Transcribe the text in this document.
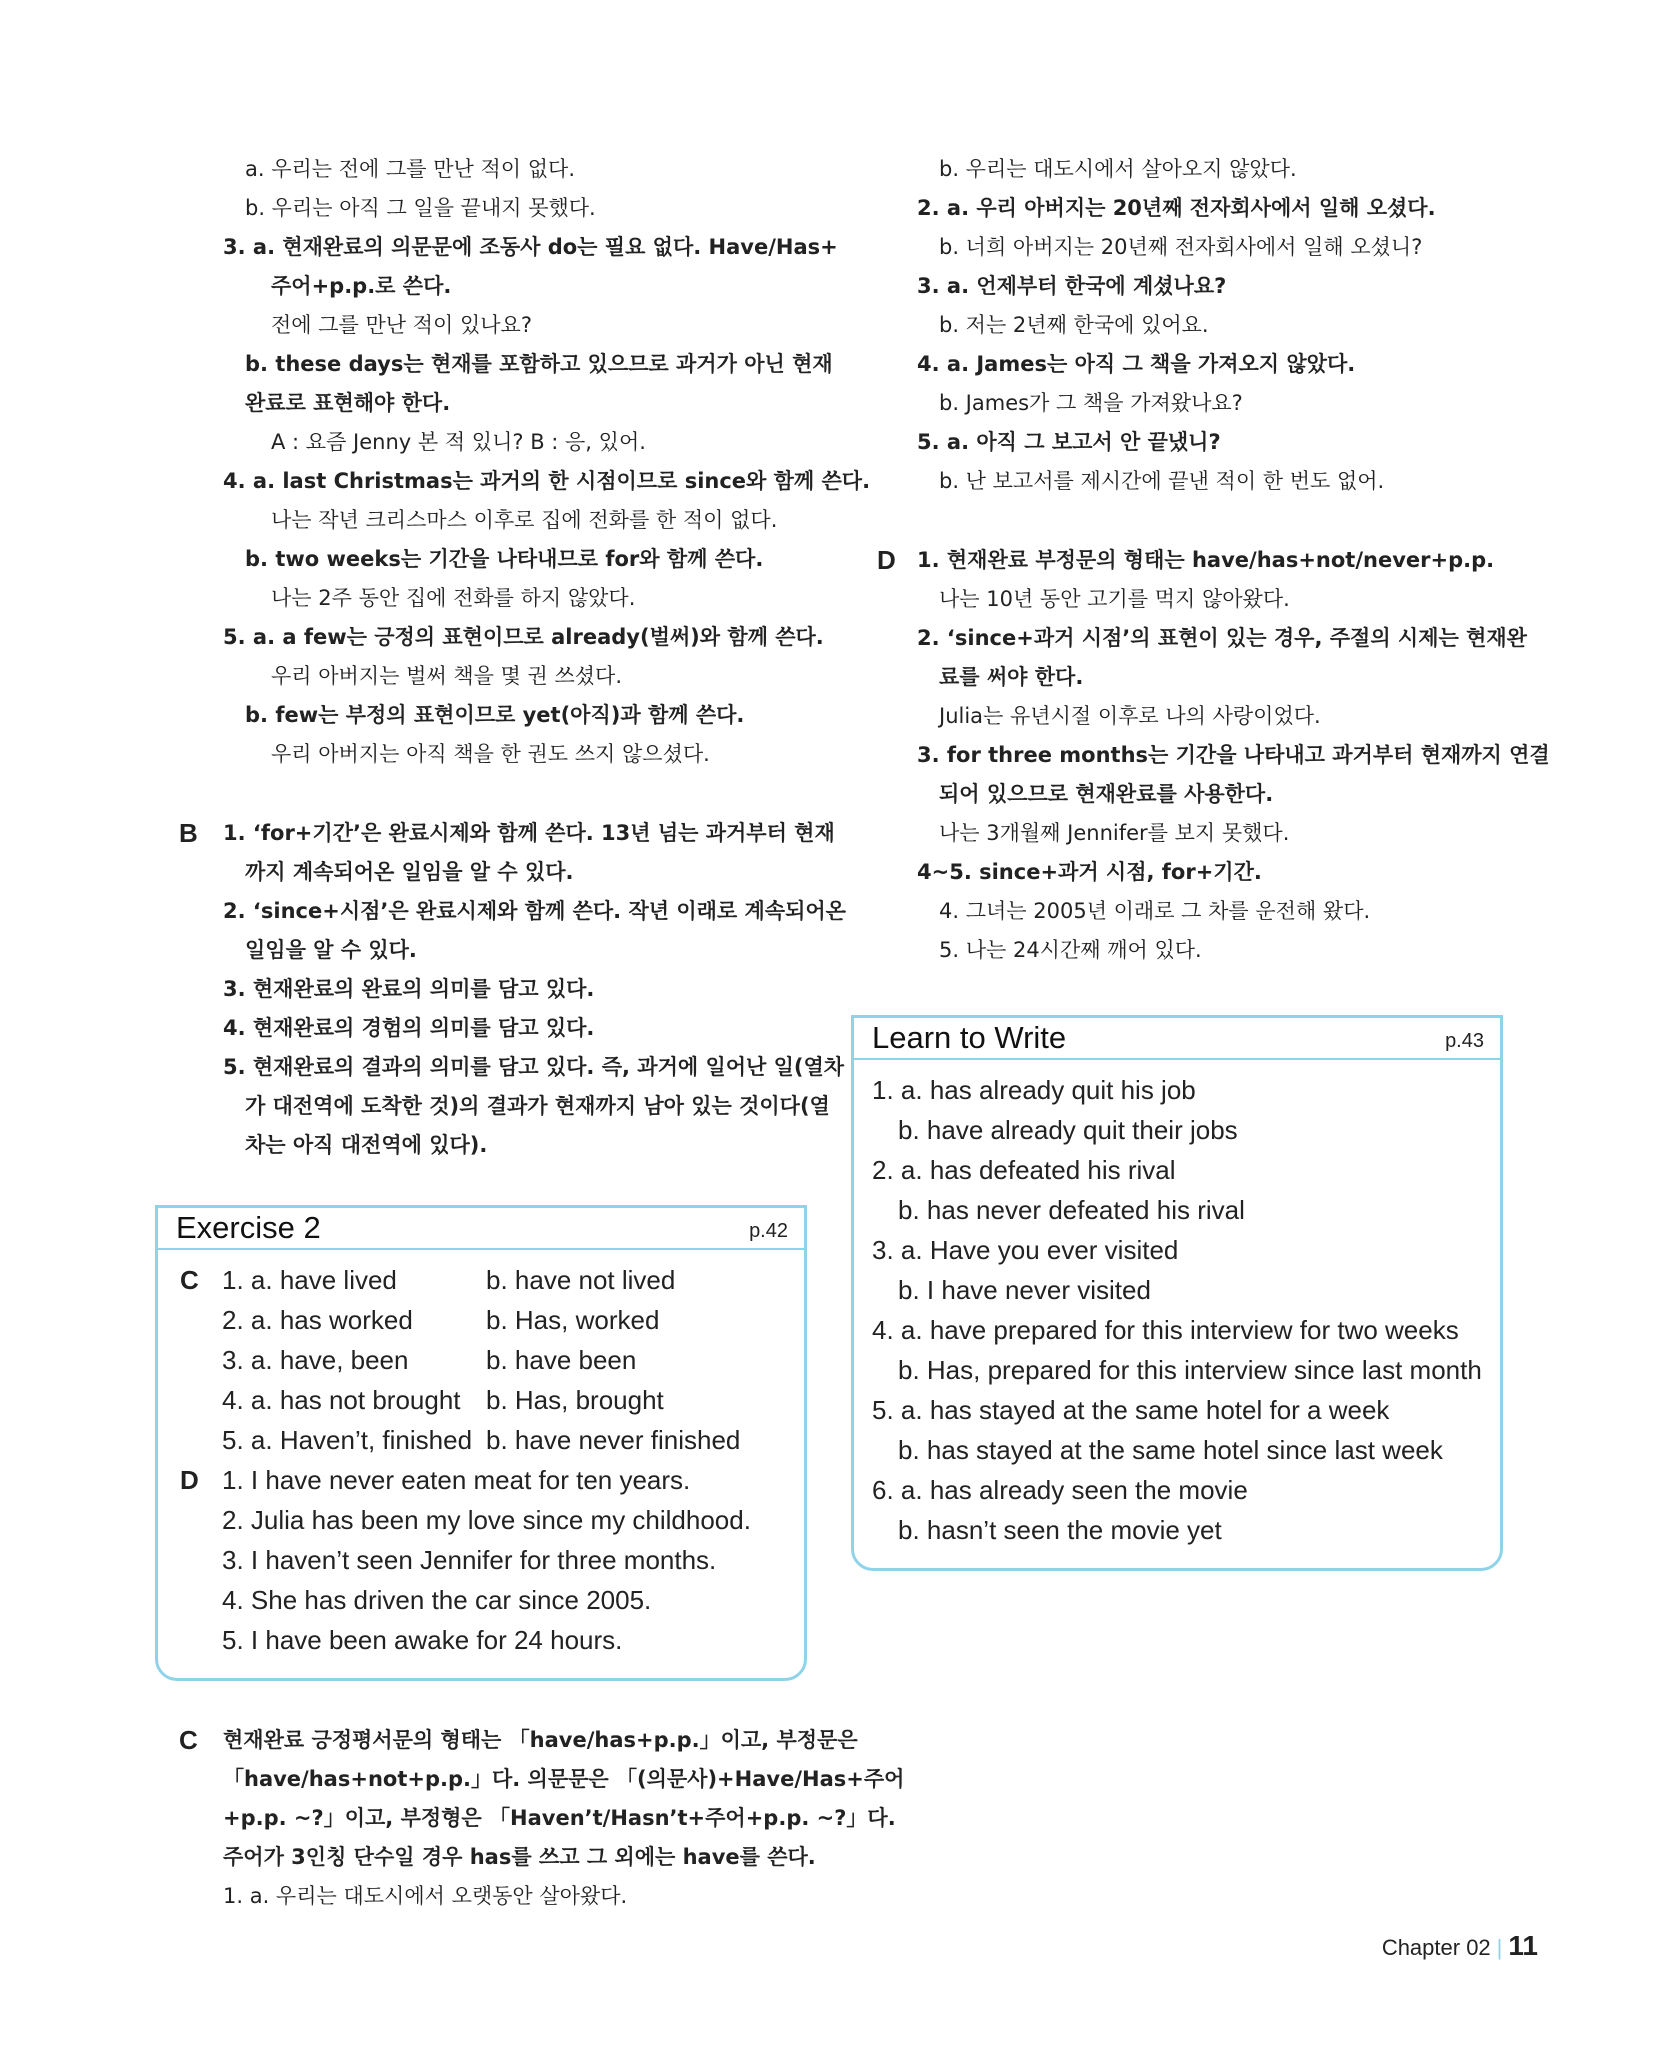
a. 우리는 전에 그를 만난 적이 없다.
b. 우리는 아직 그 일을 끝내지 못했다.
3. a. 현재완료의 의문문에 조동사 do는 필요 없다. Have/Has+
주어+p.p.로 쓴다.
전에 그를 만난 적이 있나요?
b. these days는 현재를 포함하고 있으므로 과거가 아닌 현재
완료로 표현해야 한다.
A : 요즘 Jenny 본 적 있니? B : 응, 있어.
4. a. last Christmas는 과거의 한 시점이므로 since와 함께 쓴다.
나는 작년 크리스마스 이후로 집에 전화를 한 적이 없다.
b. two weeks는 기간을 나타내므로 for와 함께 쓴다.
나는 2주 동안 집에 전화를 하지 않았다.
5. a. a few는 긍정의 표현이므로 already(벌써)와 함께 쓴다.
우리 아버지는 벌써 책을 몇 권 쓰셨다.
b. few는 부정의 표현이므로 yet(아직)과 함께 쓴다.
우리 아버지는 아직 책을 한 권도 쓰지 않으셨다.
B	1. ‘for+기간’은 완료시제와 함께 쓴다. 13년 넘는 과거부터 현재
까지 계속되어온 일임을 알 수 있다.
2. ‘since+시점’은 완료시제와 함께 쓴다. 작년 이래로 계속되어온
일임을 알 수 있다.
3. 현재완료의 완료의 의미를 담고 있다.
4. 현재완료의 경험의 의미를 담고 있다.
5. 현재완료의 결과의 의미를 담고 있다. 즉, 과거에 일어난 일(열차
가 대전역에 도착한 것)의 결과가 현재까지 남아 있는 것이다(열
차는 아직 대전역에 있다).
Exercise 2	p.42
C 1. a. have lived	b. have not lived

2. a. has worked	b. Has, worked

3. a. have, been	b. have been

4. a. has not brought b. Has, brought

5. a. Haven’t, finished b. have never finished

D 1. I have never eaten meat for ten years.
2. Julia has been my love since my childhood.
3. I haven’t seen Jennifer for three months.
4. She has driven the car since 2005.
5. I have been awake for 24 hours.
C	현재완료 긍정평서문의 형태는 「have/has+p.p.」이고, 부정문은
「have/has+not+p.p.」다. 의문문은 「(의문사)+Have/Has+주어
+p.p. ~?」이고, 부정형은 「Haven’t/Hasn’t+주어+p.p. ~?」다.
주어가 3인칭 단수일 경우 has를 쓰고 그 외에는 have를 쓴다.
1. a. 우리는 대도시에서 오랫동안 살아왔다.
b. 우리는 대도시에서 살아오지 않았다.
2. a. 우리 아버지는 20년째 전자회사에서 일해 오셨다.
b. 너희 아버지는 20년째 전자회사에서 일해 오셨니?
3. a. 언제부터 한국에 계셨나요?
b. 저는 2년째 한국에 있어요.
4. a. James는 아직 그 책을 가져오지 않았다.
b. James가 그 책을 가져왔나요?
5. a. 아직 그 보고서 안 끝냈니?
b. 난 보고서를 제시간에 끝낸 적이 한 번도 없어.
D 1. 현재완료 부정문의 형태는 have/has+not/never+p.p.
나는 10년 동안 고기를 먹지 않아왔다.
2. ‘since+과거 시점’의 표현이 있는 경우, 주절의 시제는 현재완
료를 써야 한다.
Julia는 유년시절 이후로 나의 사랑이었다.
3. for three months는 기간을 나타내고 과거부터 현재까지 연결
되어 있으므로 현재완료를 사용한다.
나는 3개월째 Jennifer를 보지 못했다.
4~5. since+과거 시점, for+기간.
4. 그녀는 2005년 이래로 그 차를 운전해 왔다.
5. 나는 24시간째 깨어 있다.
Learn to Write	p.43
1. a. has already quit his job
b. have already quit their jobs
2. a. has defeated his rival
b. has never defeated his rival
3. a. Have you ever visited
b. I have never visited
4. a. have prepared for this interview for two weeks
b. Has, prepared for this interview since last month
5. a. has stayed at the same hotel for a week
b. has stayed at the same hotel since last week
6. a. has already seen the movie
b. hasn’t seen the movie yet
Chapter 02 | 11
